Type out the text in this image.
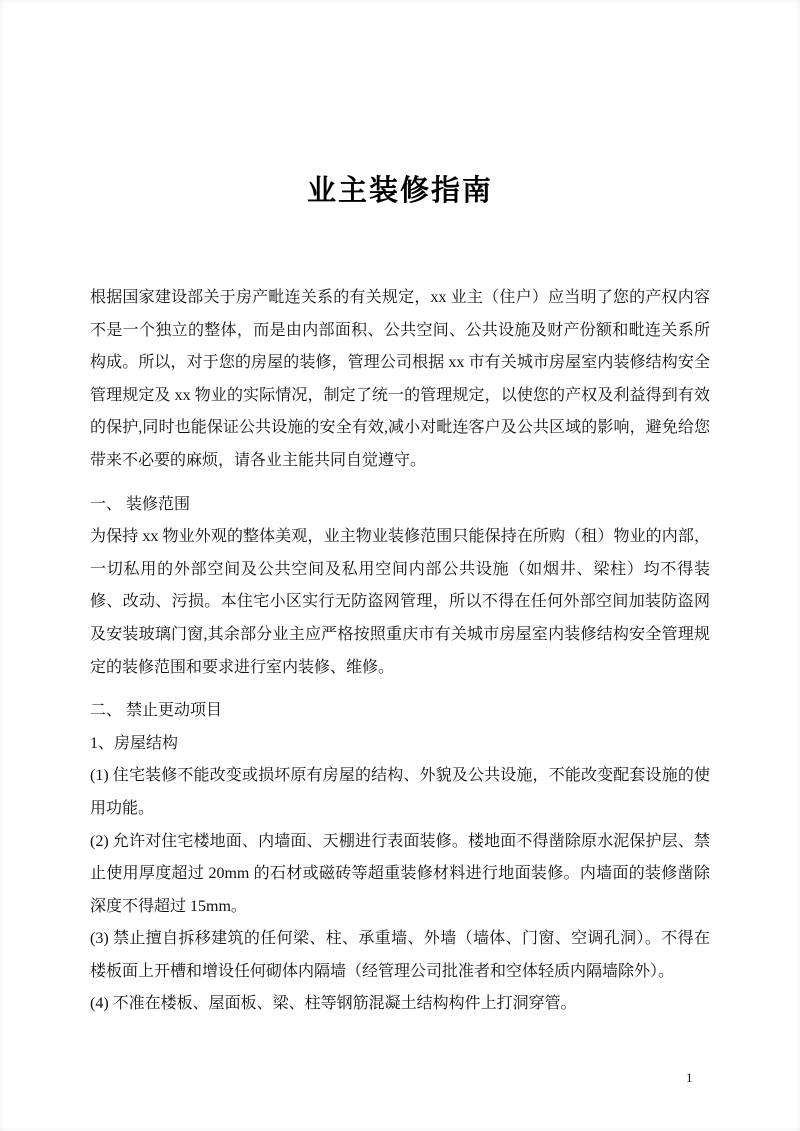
业主装修指南

根据国家建设部关于房产毗连关系的有关规定，xx 业主（住户）应当明了您的产权内容不是一个独立的整体，而是由内部面积、公共空间、公共设施及财产份额和毗连关系所构成。所以，对于您的房屋的装修，管理公司根据 xx 市有关城市房屋室内装修结构安全管理规定及 xx 物业的实际情况，制定了统一的管理规定，以使您的产权及利益得到有效的保护,同时也能保证公共设施的安全有效,减小对毗连客户及公共区域的影响，避免给您带来不必要的麻烦，请各业主能共同自觉遵守。

一、 装修范围

为保持 xx 物业外观的整体美观，业主物业装修范围只能保持在所购（租）物业的内部，一切私用的外部空间及公共空间及私用空间内部公共设施（如烟井、梁柱）均不得装修、改动、污损。本住宅小区实行无防盗网管理，所以不得在任何外部空间加装防盗网及安装玻璃门窗,其余部分业主应严格按照重庆市有关城市房屋室内装修结构安全管理规定的装修范围和要求进行室内装修、维修。

二、 禁止更动项目
1、房屋结构

(1) 住宅装修不能改变或损坏原有房屋的结构、外貌及公共设施，不能改变配套设施的使用功能。

(2) 允许对住宅楼地面、内墙面、天棚进行表面装修。楼地面不得凿除原水泥保护层、禁止使用厚度超过 20mm 的石材或磁砖等超重装修材料进行地面装修。内墙面的装修凿除深度不得超过 15mm。

(3) 禁止擅自拆移建筑的任何梁、柱、承重墙、外墙（墙体、门窗、空调孔洞）。不得在楼板面上开槽和增设任何砌体内隔墙（经管理公司批准者和空体轻质内隔墙除外）。

(4) 不准在楼板、屋面板、梁、柱等钢筋混凝土结构构件上打洞穿管。

1
